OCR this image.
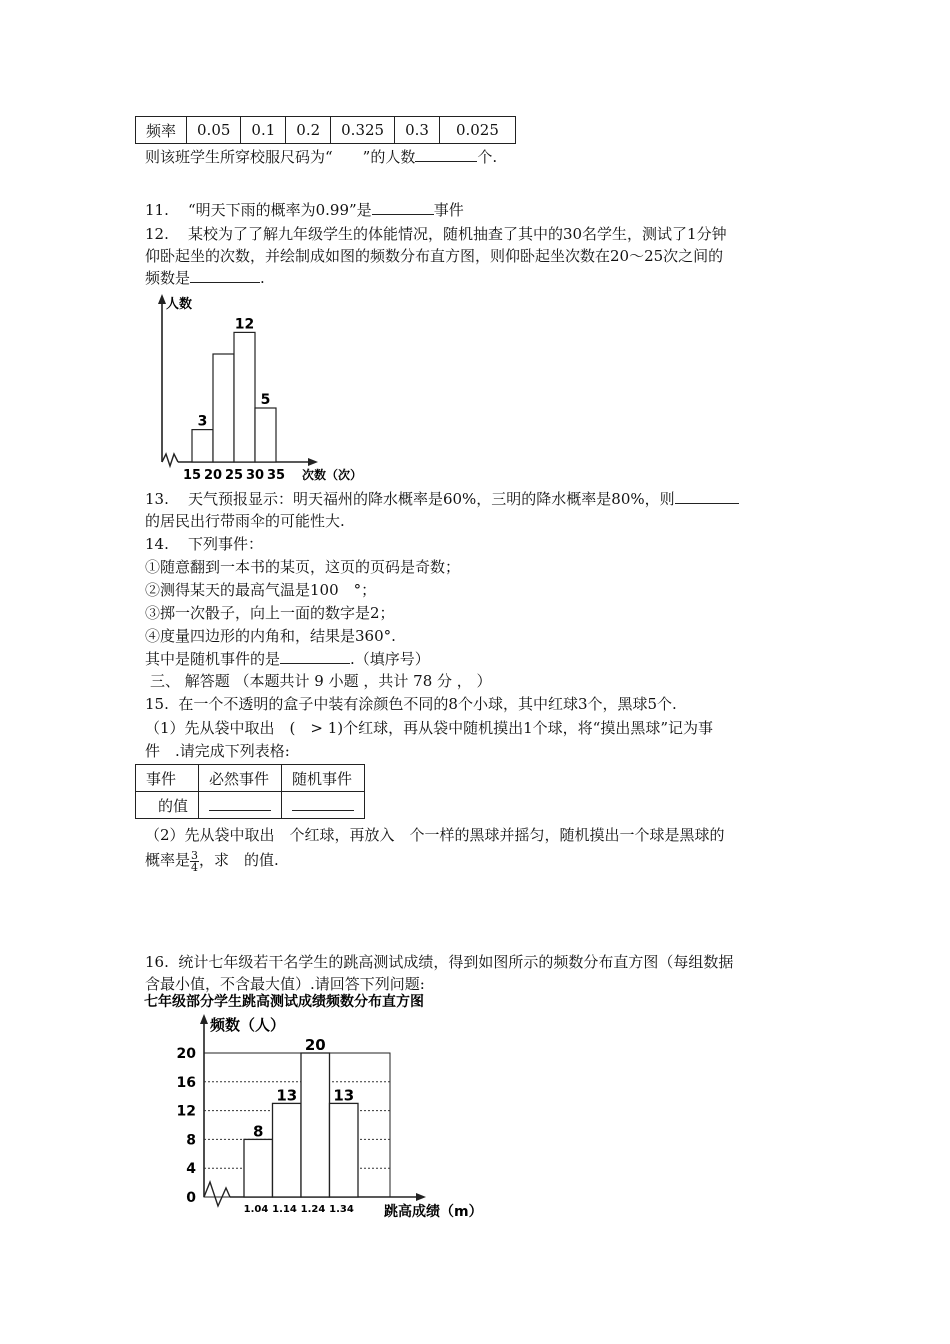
频率	0.05	0.1	0.2	0.325	0.3	0.025
则该班学生所穿校服尺码为“　　”的人数	个.
11. “明天下雨的概率为0.99”是	事件
12. 某校为了了解九年级学生的体能情况，随机抽查了其中的30名学生，测试了1分钟
仰卧起坐的次数，并绘制成如图的频数分布直方图，则仰卧起坐次数在20～25次之间的
频数是	.
3
12
5
15 20 25 30 35
人数
次数（次）
13. 天气预报显示：明天福州的降水概率是60%，三明的降水概率是80%，则
的居民出行带雨伞的可能性大.
14. 下列事件：
①随意翻到一本书的某页，这页的页码是奇数；
②测得某天的最高气温是100　°；
③掷一次骰子，向上一面的数字是2；
④度量四边形的内角和，结果是360°.
其中是随机事件的是	.（填序号）
三、 解答题 （本题共计 9 小题 ，共计 78 分 ， ）
15. 在一个不透明的盒子中装有涂颜色不同的8个小球，其中红球3个，黑球5个.
（1）先从袋中取出　(　> 1)个红球，再从袋中随机摸出1个球，将“摸出黑球”记为事
件　.请完成下列表格:
事件	必然事件	随机事件
的值		
（2）先从袋中取出　个红球，再放入　个一样的黑球并摇匀，随机摸出一个球是黑球的
概率是 $\frac{3}{4}$ ，求　的值.
16. 统计七年级若干名学生的跳高测试成绩，得到如图所示的频数分布直方图（每组数据
含最小值，不含最大值）.请回答下列问题:
七年级部分学生跳高测试成绩频数分布直方图
频数（人）
0
4
8
12
16
20
8
13
20
13
1.04 1.14 1.24 1.34 跳高成绩（m）
